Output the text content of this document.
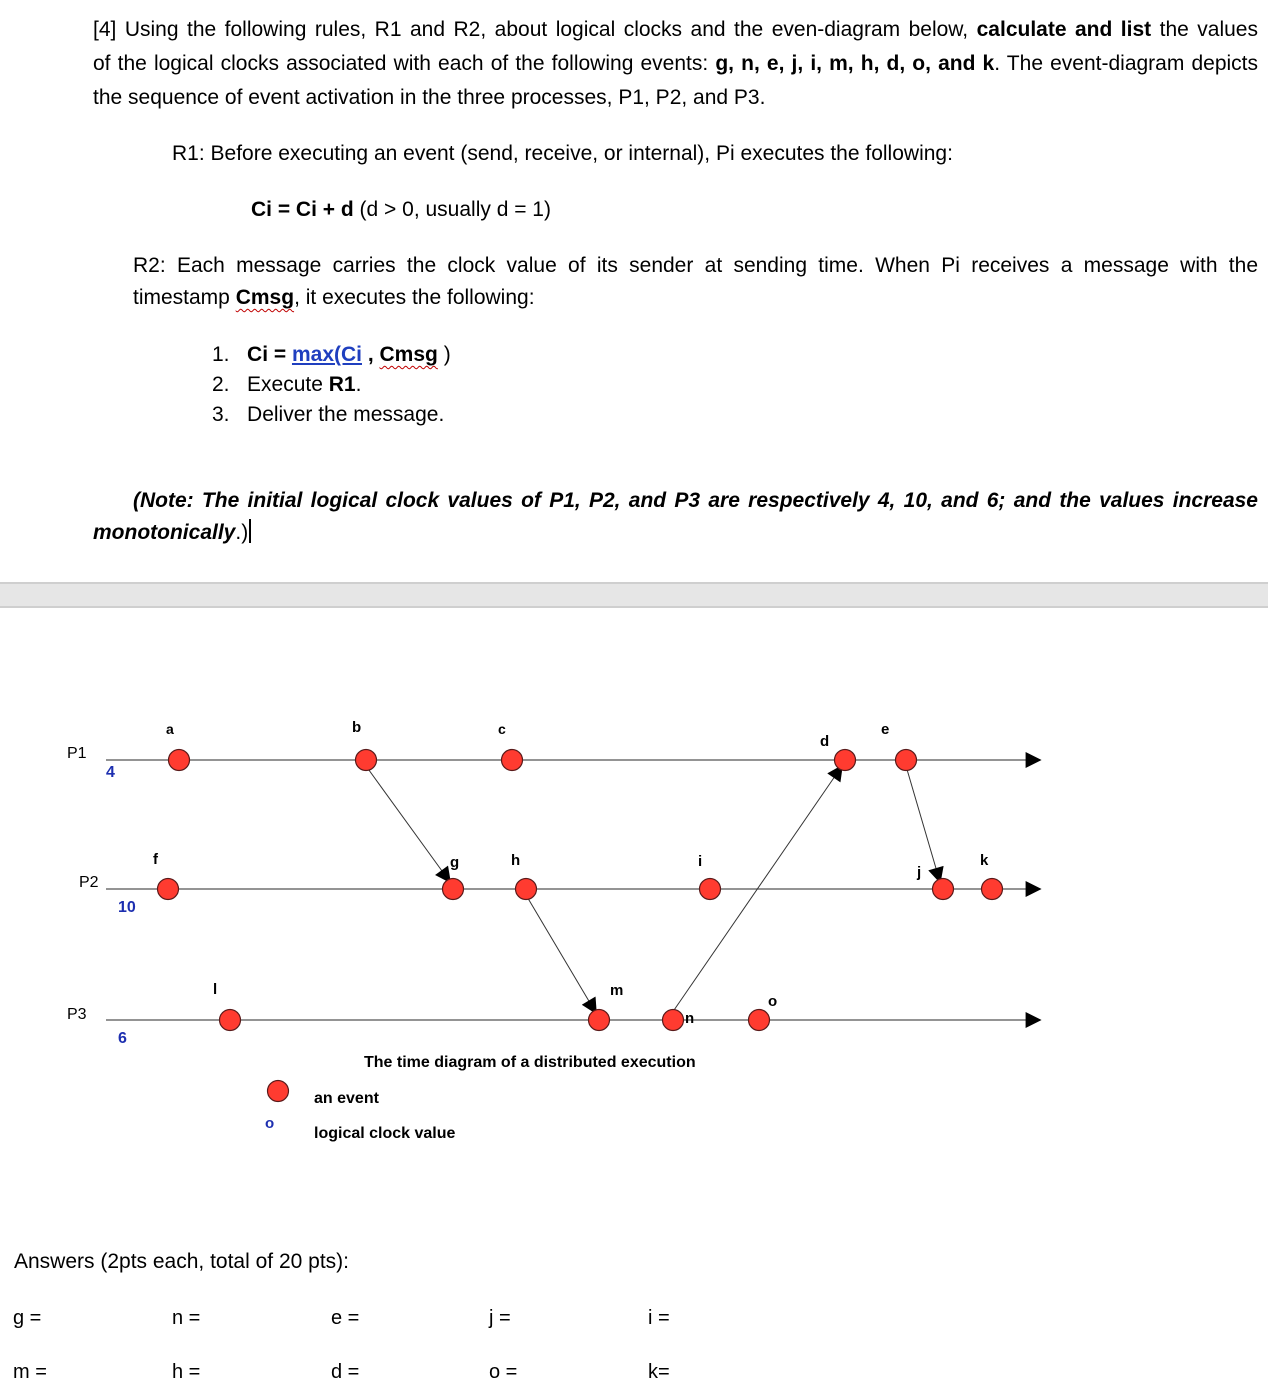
[4] Using the following rules, R1 and R2, about logical clocks and the even-diagram below, calculate and list the values
of the logical clocks associated with each of the following events: g, n, e, j, i, m, h, d, o, and k. The event-diagram depicts
the sequence of event activation in the three processes, P1, P2, and P3.
R1: Before executing an event (send, receive, or internal), Pi executes the following:
Ci = Ci + d (d > 0, usually d = 1)
R2: Each message carries the clock value of its sender at sending time. When Pi receives a message with the
timestamp Cmsg, it executes the following:
1. Ci = max(Ci , Cmsg )
2. Execute R1.
3. Deliver the message.
(Note: The initial logical clock values of P1, P2, and P3 are respectively 4, 10, and 6; and the values increase
monotonically.)
P1
P2
P3
4
10
6
a	b	c
d
e
f	g	h	i
j
k
l	m
n
o
The time diagram of a distributed execution
an event
o
logical clock value
Answers (2pts each, total of 20 pts):
g =	n =	e =	j =	i =
m =	h =	d =	o =	k=
